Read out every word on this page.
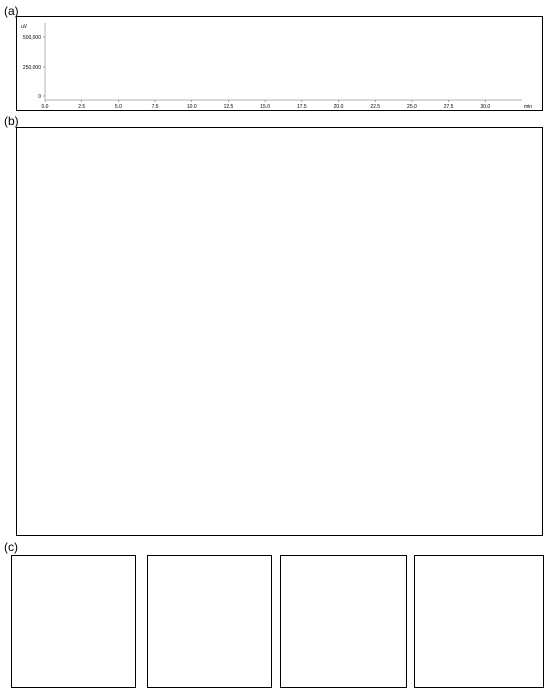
(a)
(b)
(c)
uV
500,000
250,000
0
0.0	2.5	5.0	7.5	10.0	12.5	15.0	17.5	20.0	22.5	25.0	27.5	30.0	min
